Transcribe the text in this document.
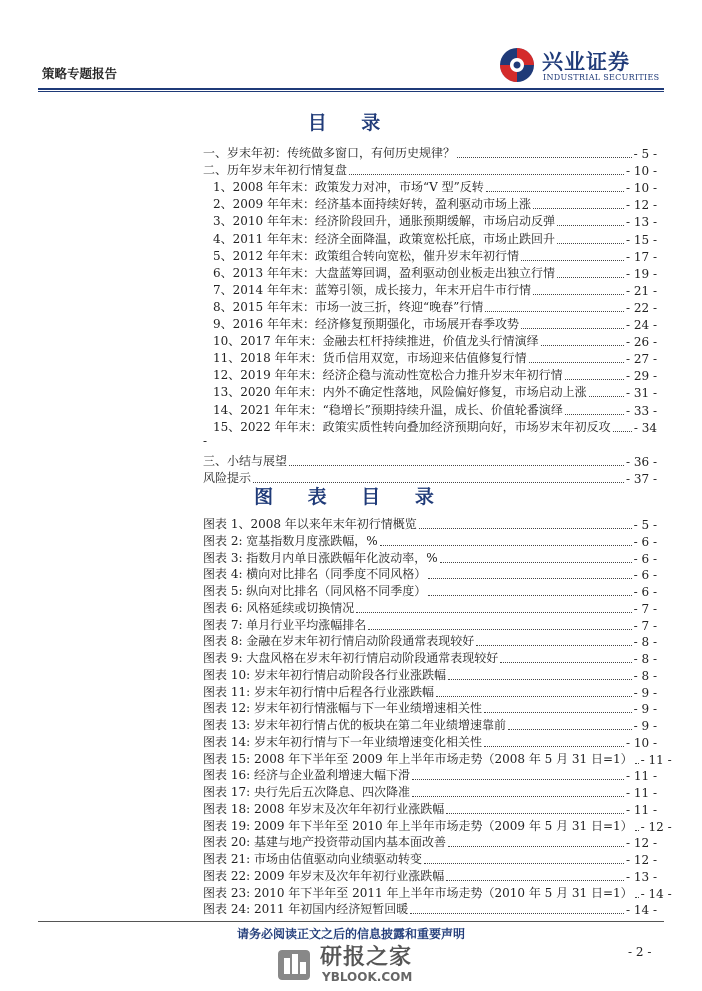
策略专题报告	兴业证券
INDUSTRIAL SECURITIES
目 录
一、岁末年初：传统做多窗口，有何历史规律？	- 5 -
二、历年岁末年初行情复盘	- 10 -
1、2008 年年末：政策发力对冲，市场“V 型”反转	- 10 -
2、2009 年年末：经济基本面持续好转，盈利驱动市场上涨	- 12 -
3、2010 年年末：经济阶段回升，通胀预期缓解，市场启动反弹	- 13 -
4、2011 年年末：经济全面降温，政策宽松托底，市场止跌回升	- 15 -
5、2012 年年末：政策组合转向宽松，催升岁末年初行情	- 17 -
6、2013 年年末：大盘蓝筹回调，盈利驱动创业板走出独立行情	- 19 -
7、2014 年年末：蓝筹引领，成长接力，年末开启牛市行情	- 21 -
8、2015 年年末：市场一波三折，终迎“晚春”行情	- 22 -
9、2016 年年末：经济修复预期强化，市场展开春季攻势	- 24 -
10、2017 年年末：金融去杠杆持续推进，价值龙头行情演绎	- 26 -
11、2018 年年末：货币信用双宽，市场迎来估值修复行情	- 27 -
12、2019 年年末：经济企稳与流动性宽松合力推升岁末年初行情	- 29 -
13、2020 年年末：内外不确定性落地，风险偏好修复，市场启动上涨	- 31 -
14、2021 年年末：“稳增长”预期持续升温，成长、价值轮番演绎	- 33 -
15、2022 年年末：政策实质性转向叠加经济预期向好，市场岁末年初反攻 - 34
三、小结与展望	- 36 -
风险提示	- 37 -
-
图 表 目 录
图表 1、2008 年以来年末年初行情概览	- 5 -
图表 2: 宽基指数月度涨跌幅，%	- 6 -
图表 3: 指数月内单日涨跌幅年化波动率，%	- 6 -
图表 4: 横向对比排名（同季度不同风格）	- 6 -
图表 5: 纵向对比排名（同风格不同季度）	- 6 -
图表 6: 风格延续或切换情况	- 7 -
图表 7: 单月行业平均涨幅排名	- 7 -
图表 8: 金融在岁末年初行情启动阶段通常表现较好	- 8 -
图表 9: 大盘风格在岁末年初行情启动阶段通常表现较好	- 8 -
图表 10: 岁末年初行情启动阶段各行业涨跌幅	- 8 -
图表 11: 岁末年初行情中后程各行业涨跌幅	- 9 -
图表 12: 岁末年初行情涨幅与下一年业绩增速相关性	- 9 -
图表 13: 岁末年初行情占优的板块在第二年业绩增速靠前	- 9 -
图表 14: 岁末年初行情与下一年业绩增速变化相关性	- 10 -
图表 15: 2008 年下半年至 2009 年上半年市场走势（2008 年 5 月 31 日=1） - 11 -
图表 16: 经济与企业盈利增速大幅下滑	- 11 -
图表 17: 央行先后五次降息、四次降准	- 11 -
图表 18: 2008 年岁末及次年年初行业涨跌幅	- 11 -
图表 19: 2009 年下半年至 2010 年上半年市场走势（2009 年 5 月 31 日=1） - 12 -
图表 20: 基建与地产投资带动国内基本面改善	- 12 -
图表 21: 市场由估值驱动向业绩驱动转变	- 12 -
图表 22: 2009 年岁末及次年年初行业涨跌幅	- 13 -
图表 23: 2010 年下半年至 2011 年上半年市场走势（2010 年 5 月 31 日=1） - 14 -
图表 24: 2011 年初国内经济短暂回暖	- 14 -
请务必阅读正文之后的信息披露和重要声明
- 2 -
研报之家
YBLOOK.COM
